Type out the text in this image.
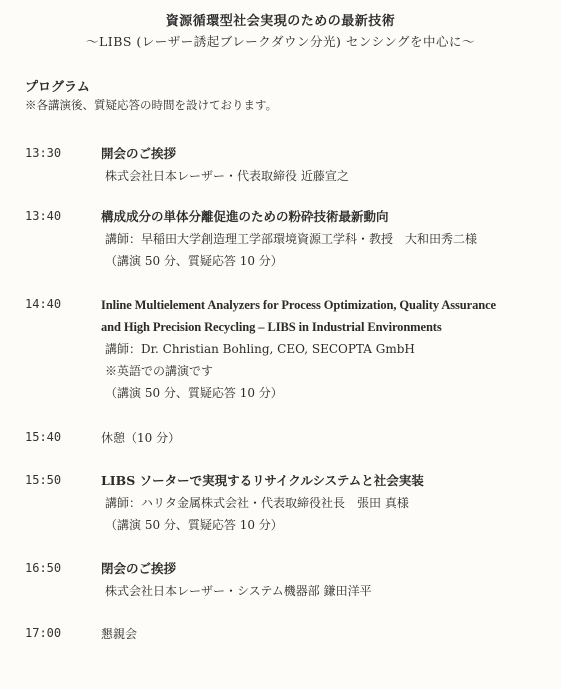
資源循環型社会実現のための最新技術
～LIBS (レーザー誘起ブレークダウン分光) センシングを中心に～
プログラム
※各講演後、質疑応答の時間を設けております。
13:30	開会のご挨拶
株式会社日本レーザー・代表取締役 近藤宣之
13:40	構成成分の単体分離促進のための粉砕技術最新動向
講師：早稲田大学創造理工学部環境資源工学科・教授　大和田秀二様
（講演 50 分、質疑応答 10 分）
14:40	Inline Multielement Analyzers for Process Optimization, Quality Assurance
and High Precision Recycling – LIBS in Industrial Environments
講師：Dr. Christian Bohling, CEO, SECOPTA GmbH
※英語での講演です
（講演 50 分、質疑応答 10 分）
15:40	休憩（10 分）
15:50	LIBS ソーターで実現するリサイクルシステムと社会実装
講師：ハリタ金属株式会社・代表取締役社長　張田 真様
（講演 50 分、質疑応答 10 分）
16:50	閉会のご挨拶
株式会社日本レーザー・システム機器部 鎌田洋平
17:00	懇親会
